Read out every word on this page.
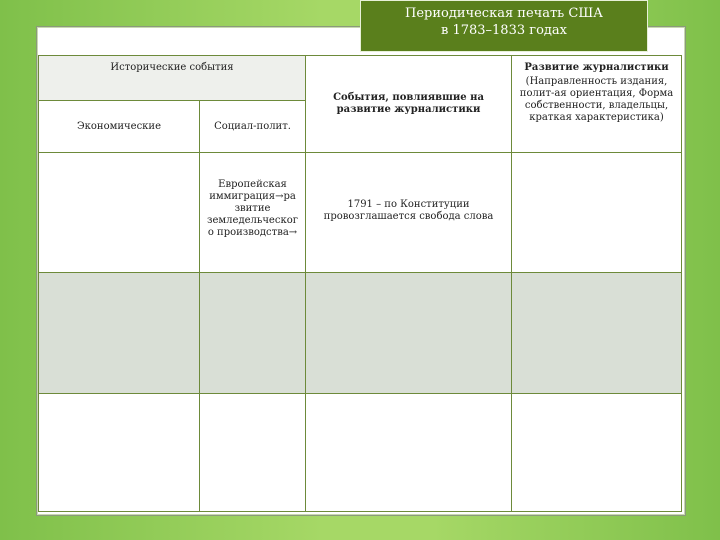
Периодическая печать США
в 1783–1833 годах
Исторические события		События, повлиявшие на развитие журналистики	Развитие журналистики
(Направленность издания, полит-ая ориентация, Форма собственности, владельцы, краткая характеристика)

Экономические	Социал-полит.		

	Европейская иммиграция→ра звитие земледельческог о производства→	1791 – по Конституции провозглашается свобода слова	
